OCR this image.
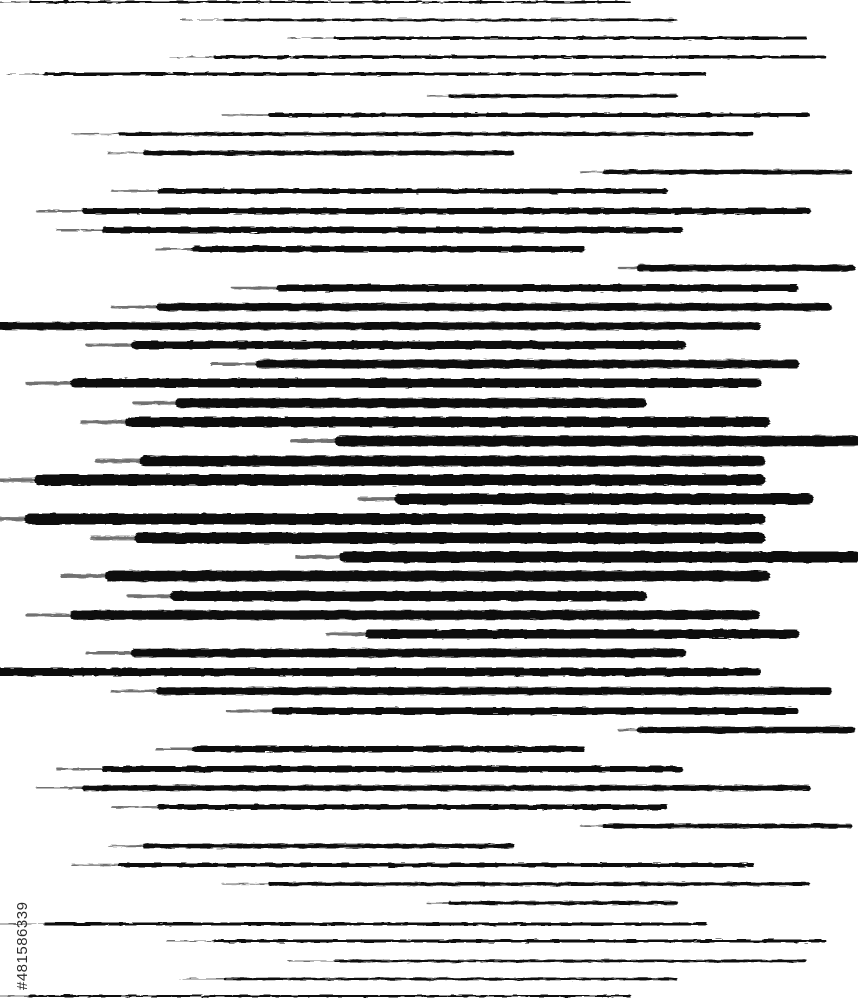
#481586339
